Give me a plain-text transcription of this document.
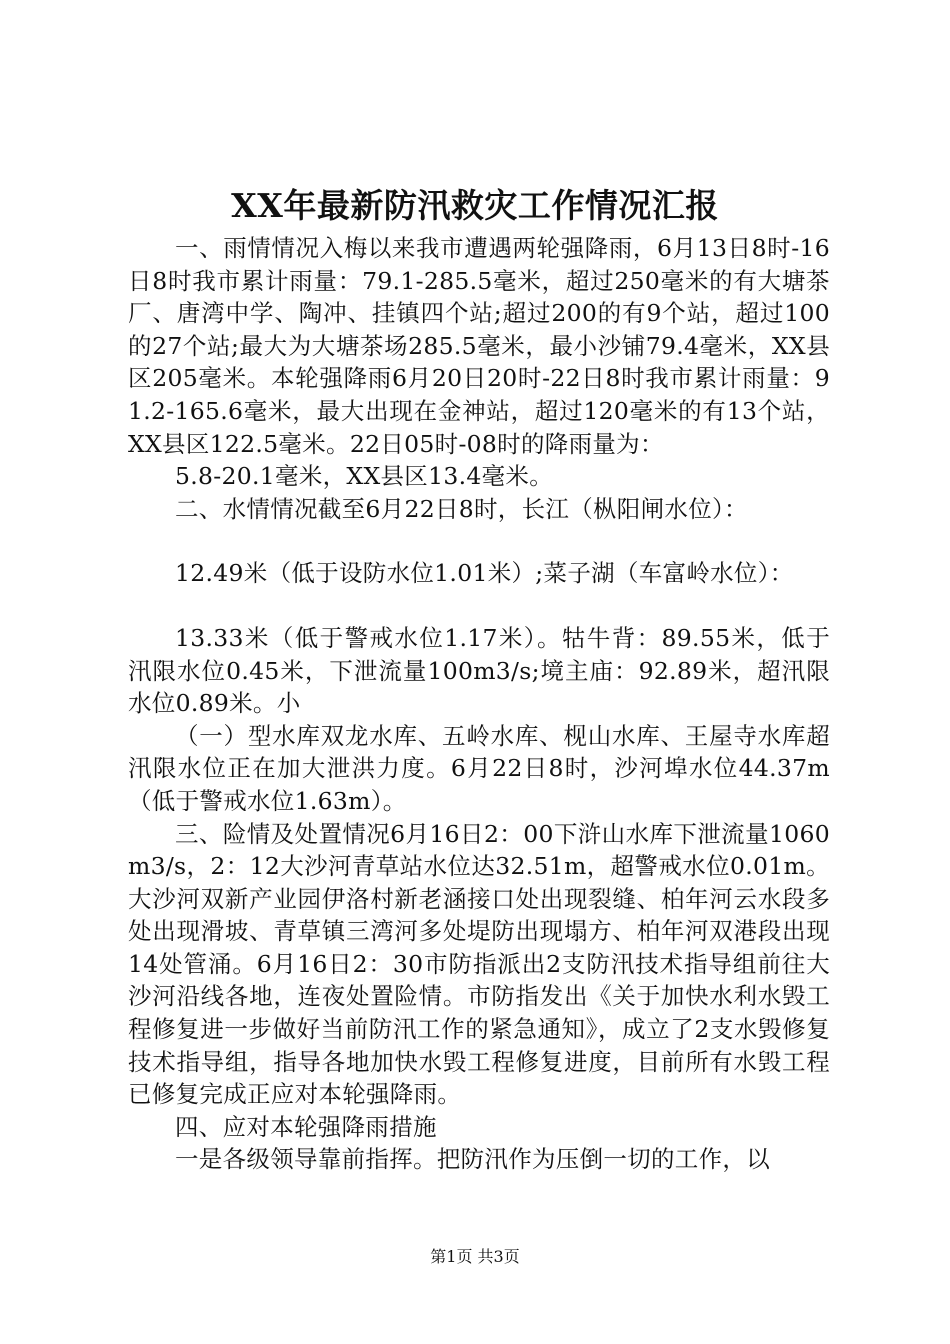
XX年最新防汛救灾工作情况汇报

一、雨情情况入梅以来我市遭遇两轮强降雨，6月13日8时-16日8时我市累计雨量：79.1-285.5毫米，超过250毫米的有大塘茶厂、唐湾中学、陶冲、挂镇四个站;超过200的有9个站，超过100的27个站;最大为大塘茶场285.5毫米，最小沙铺79.4毫米，XX县区205毫米。本轮强降雨6月20日20时-22日8时我市累计雨量：91.2-165.6毫米，最大出现在金神站，超过120毫米的有13个站，XX县区122.5毫米。22日05时-08时的降雨量为：

5.8-20.1毫米，XX县区13.4毫米。

二、水情情况截至6月22日8时，长江（枞阳闸水位）：

12.49米（低于设防水位1.01米）;菜子湖（车富岭水位）：

13.33米（低于警戒水位1.17米）。牯牛背：89.55米，低于汛限水位0.45米，下泄流量100m3/s;境主庙：92.89米，超汛限水位0.89米。小

（一）型水库双龙水库、五岭水库、枧山水库、王屋寺水库超汛限水位正在加大泄洪力度。6月22日8时，沙河埠水位44.37m（低于警戒水位1.63m）。

三、险情及处置情况6月16日2：00下浒山水库下泄流量1060m3/s，2：12大沙河青草站水位达32.51m，超警戒水位0.01m。大沙河双新产业园伊洛村新老涵接口处出现裂缝、柏年河云水段多处出现滑坡、青草镇三湾河多处堤防出现塌方、柏年河双港段出现14处管涌。6月16日2：30市防指派出2支防汛技术指导组前往大沙河沿线各地，连夜处置险情。市防指发出《关于加快水利水毁工程修复进一步做好当前防汛工作的紧急通知》，成立了2支水毁修复技术指导组，指导各地加快水毁工程修复进度，目前所有水毁工程已修复完成正应对本轮强降雨。

四、应对本轮强降雨措施

一是各级领导靠前指挥。把防汛作为压倒一切的工作，以

第1页 共3页
